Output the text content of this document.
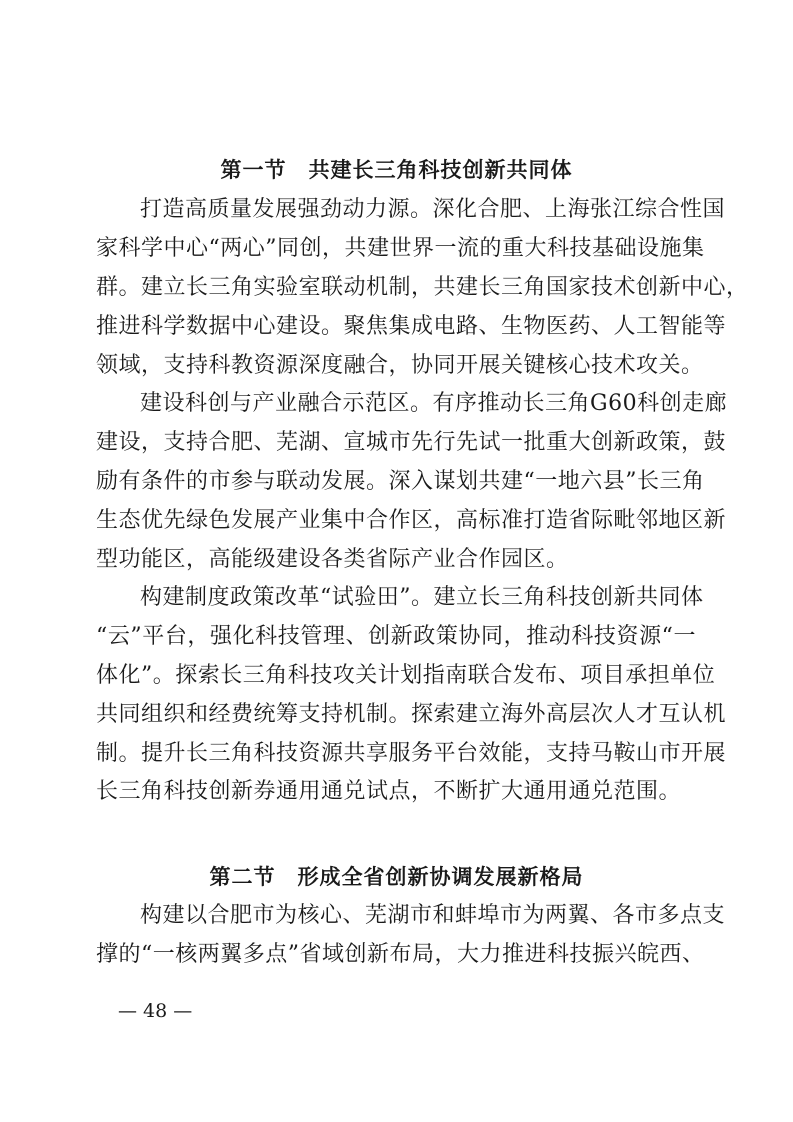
第一节　共建长三角科技创新共同体
打造高质量发展强劲动力源。深化合肥、上海张江综合性国
家科学中心“两心”同创，共建世界一流的重大科技基础设施集
群。建立长三角实验室联动机制，共建长三角国家技术创新中心，
推进科学数据中心建设。聚焦集成电路、生物医药、人工智能等
领域，支持科教资源深度融合，协同开展关键核心技术攻关。
建设科创与产业融合示范区。有序推动长三角G60科创走廊
建设，支持合肥、芜湖、宣城市先行先试一批重大创新政策，鼓
励有条件的市参与联动发展。深入谋划共建“一地六县”长三角
生态优先绿色发展产业集中合作区，高标准打造省际毗邻地区新
型功能区，高能级建设各类省际产业合作园区。
构建制度政策改革“试验田”。建立长三角科技创新共同体
“云”平台，强化科技管理、创新政策协同，推动科技资源“一
体化”。探索长三角科技攻关计划指南联合发布、项目承担单位
共同组织和经费统筹支持机制。探索建立海外高层次人才互认机
制。提升长三角科技资源共享服务平台效能，支持马鞍山市开展
长三角科技创新券通用通兑试点，不断扩大通用通兑范围。
第二节　形成全省创新协调发展新格局
构建以合肥市为核心、芜湖市和蚌埠市为两翼、各市多点支
撑的“一核两翼多点”省域创新布局，大力推进科技振兴皖西、
— 48 —
